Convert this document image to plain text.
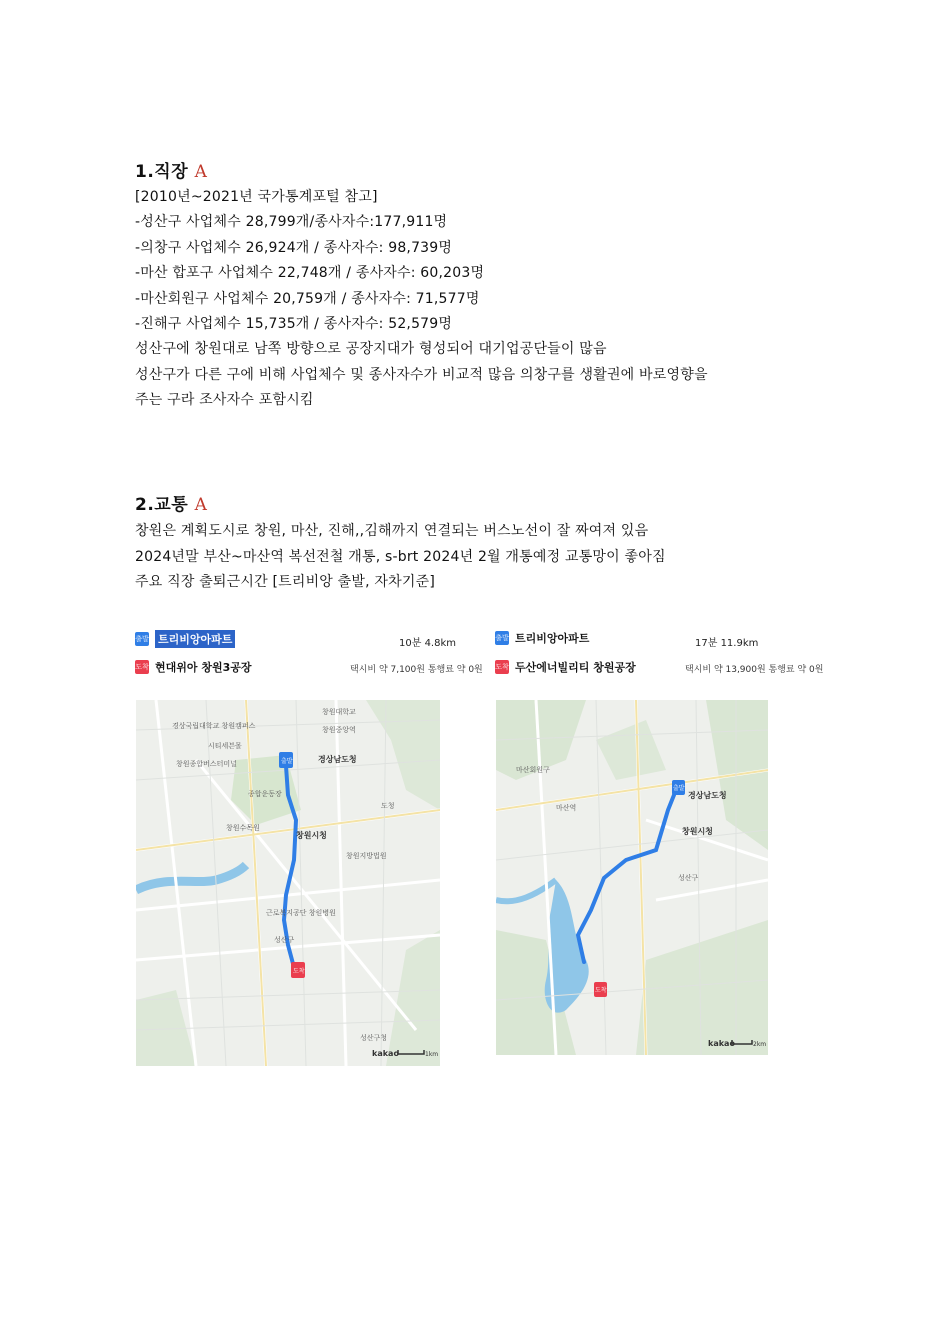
1.직장 A
[2010년~2021년 국가통계포털 참고]
-성산구 사업체수 28,799개/종사자수:177,911명
-의창구 사업체수 26,924개 / 종사자수: 98,739명
-마산 합포구 사업체수 22,748개 / 종사자수: 60,203명
-마산회원구 사업체수 20,759개 / 종사자수: 71,577명
-진해구 사업체수 15,735개 / 종사자수: 52,579명
성산구에 창원대로 남쪽 방향으로 공장지대가 형성되어 대기업공단들이 많음
성산구가 다른 구에 비해 사업체수 및 종사자수가 비교적 많음 의창구를 생활권에 바로영향을
주는 구라 조사자수 포함시킴
2.교통 A
창원은 계획도시로 창원, 마산, 진해,,김해까지 연결되는 버스노선이 잘 짜여져 있음
2024년말 부산~마산역 복선전철 개통, s-brt 2024년 2월 개통예정 교통망이 좋아짐
주요 직장 출퇴근시간 [트리비앙 출발, 자차기준]
출발 트리비앙아파트	10분 4.8km
도착 현대위아 창원3공장	택시비 약 7,100원 통행료 약 0원
경상국립대학교 창원캠퍼스
시티세븐몰
창원종합버스터미널
창원대학교
창원중앙역
경상남도청
종합운동장
창원수목원
창원시청
창원지방법원
근로복지공단 창원병원
성산구
성산구청
도청
출발
도착
kakao	1km
출발 트리비앙아파트	17분 11.9km
도착 두산에너빌리티 창원공장	택시비 약 13,900원 통행료 약 0원
마산회원구
마산역
경상남도청
창원시청
성산구
출발
도착
kakao	2km
